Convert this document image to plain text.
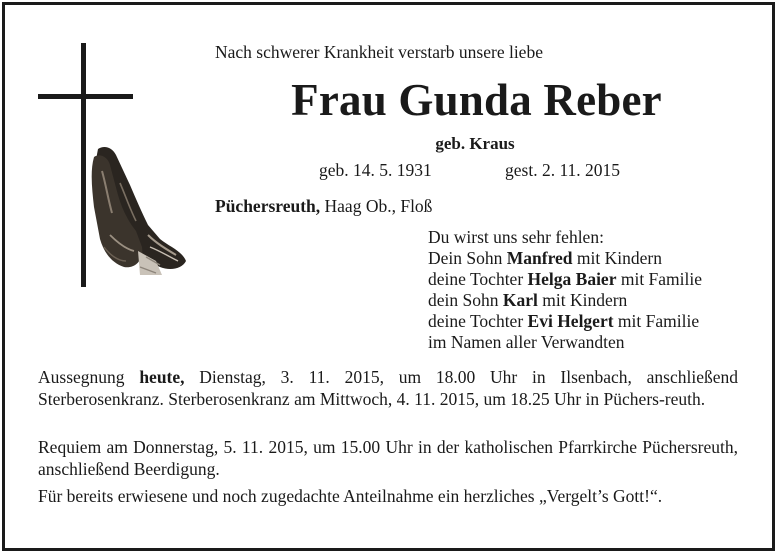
Nach schwerer Krankheit verstarb unsere liebe
Frau Gunda Reber
geb. Kraus
geb. 14. 5. 1931	gest. 2. 11. 2015
Püchersreuth, Haag Ob., Floß
Du wirst uns sehr fehlen:
Dein Sohn Manfred mit Kindern
deine Tochter Helga Baier mit Familie
dein Sohn Karl mit Kindern
deine Tochter Evi Helgert mit Familie
im Namen aller Verwandten
Aussegnung heute, Dienstag, 3. 11. 2015, um 18.00 Uhr in Ilsenbach, anschließend Sterberosenkranz. Sterberosenkranz am Mittwoch, 4. 11. 2015, um 18.25 Uhr in Püchers-reuth.
Requiem am Donnerstag, 5. 11. 2015, um 15.00 Uhr in der katholischen Pfarrkirche Püchersreuth, anschließend Beerdigung.
Für bereits erwiesene und noch zugedachte Anteilnahme ein herzliches „Vergelt’s Gott!“.
